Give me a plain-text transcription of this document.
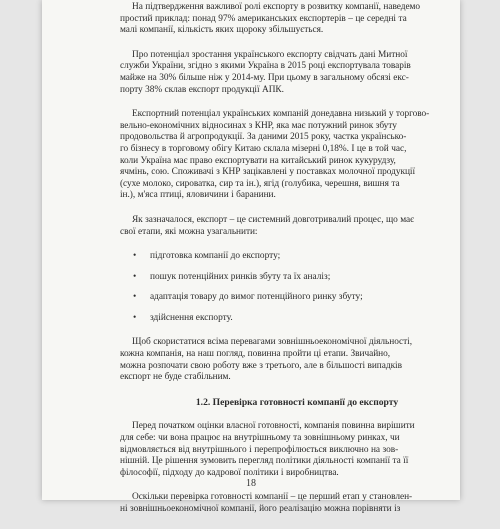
На підтвердження важливої ролі експорту в розвитку компанії, наведемо
простий приклад: понад 97% американських експортерів – це середні та
малі компанії, кількість яких щороку збільшується.
Про потенціал зростання українського експорту свідчать дані Митної
служби України, згідно з якими Україна в 2015 році експортувала товарів
майже на 30% більше ніж у 2014-му. При цьому в загальному обсязі екс-
порту 38% склав експорт продукції АПК.
Експортний потенціал українських компаній донедавна низький у торгово-
вельно-економічних відносинах з КНР, яка має потужний ринок збуту
продовольства й агропродукції. За даними 2015 року, частка українсько-
го бізнесу в торговому обігу Китаю склала мізерні 0,18%. І це в той час,
коли Україна має право експортувати на китайський ринок кукурудзу,
ячмінь, сою. Споживачі з КНР зацікавлені у поставках молочної продукції
(сухе молоко, сироватка, сир та ін.), ягід (голубика, черешня, вишня та
ін.), м'яса птиці, яловичини і баранини.
Як зазначалося, експорт – це системний довготривалий процес, що має
свої етапи, які можна узагальнити:
• підготовка компанії до експорту;
• пошук потенційних ринків збуту та їх аналіз;
• адаптація товару до вимог потенційного ринку збуту;
• здійснення експорту.
Щоб скористатися всіма перевагами зовнішньоекономічної діяльності,
кожна компанія, на наш погляд, повинна пройти ці етапи. Звичайно,
можна розпочати свою роботу вже з третього, але в більшості випадків
експорт не буде стабільним.
1.2. Перевірка готовності компанії до експорту
Перед початком оцінки власної готовності, компанія повинна вирішити
для себе: чи вона працює на внутрішньому та зовнішньому ринках, чи
відмовляється від внутрішнього і перепрофілюється виключно на зов-
нішній. Це рішення зумовить перегляд політики діяльності компанії та її
філософії, підходу до кадрової політики і виробництва.
Оскільки перевірка готовності компанії – це перший етап у становлен-
ні зовнішньоекономічної компанії, його реалізацію можна порівняти із
18
